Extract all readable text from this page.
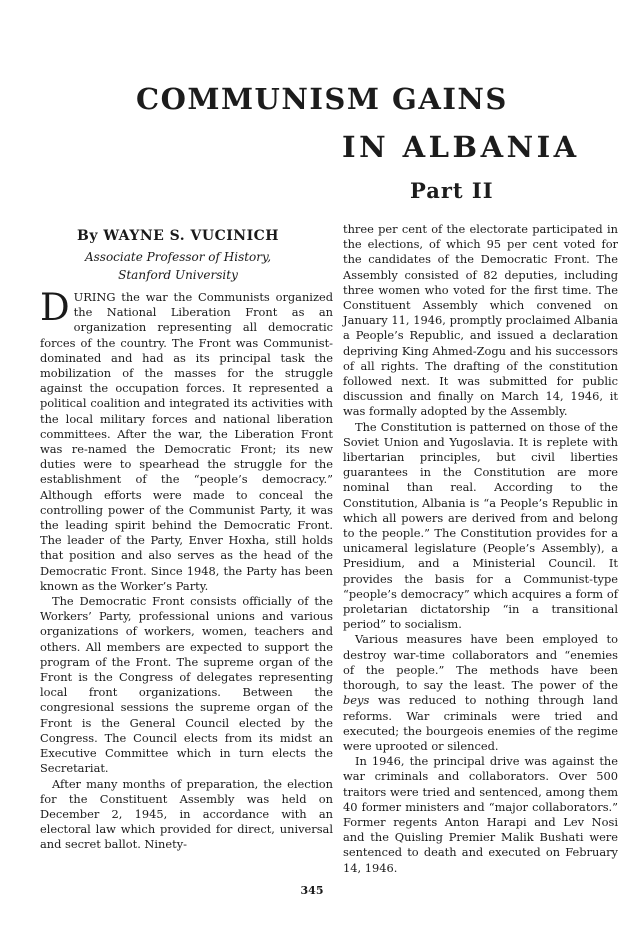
COMMUNISM GAINS
IN ALBANIA
Part II
By WAYNE S. VUCINICH
Associate Professor of History,
Stanford University

DURING the war the Communists organized the National Liberation Front as an organization representing all democratic forces of the country. The Front was Communist-dominated and had as its principal task the mobilization of the masses for the struggle against the occupation forces. It represented a political coalition and integrated its activities with the local military forces and national liberation committees. After the war, the Liberation Front was re-named the Democratic Front; its new duties were to spearhead the struggle for the establishment of the “people’s democracy.” Although efforts were made to conceal the controlling power of the Communist Party, it was the leading spirit behind the Democratic Front. The leader of the Party, Enver Hoxha, still holds that position and also serves as the head of the Democratic Front. Since 1948, the Party has been known as the Worker’s Party.

The Democratic Front consists officially of the Workers’ Party, professional unions and various organizations of workers, women, teachers and others. All members are expected to support the program of the Front. The supreme organ of the Front is the Congress of delegates representing local front organizations. Between the congresional sessions the supreme organ of the Front is the General Council elected by the Congress. The Council elects from its midst an Executive Committee which in turn elects the Secretariat.

After many months of preparation, the election for the Constituent Assembly was held on December 2, 1945, in accordance with an electoral law which provided for direct, universal and secret ballot. Ninety-

three per cent of the electorate participated in the elections, of which 95 per cent voted for the candidates of the Democratic Front. The Assembly consisted of 82 deputies, including three women who voted for the first time. The Constituent Assembly which convened on January 11, 1946, promptly proclaimed Albania a People’s Republic, and issued a declaration depriving King Ahmed-Zogu and his successors of all rights. The drafting of the constitution followed next. It was submitted for public discussion and finally on March 14, 1946, it was formally adopted by the Assembly.

The Constitution is patterned on those of the Soviet Union and Yugoslavia. It is replete with libertarian principles, but civil liberties guarantees in the Constitution are more nominal than real. According to the Constitution, Albania is “a People’s Republic in which all powers are derived from and belong to the people.” The Constitution provides for a unicameral legislature (People’s Assembly), a Presidium, and a Ministerial Council. It provides the basis for a Communist-type “people’s democracy” which acquires a form of proletarian dictatorship “in a transitional period” to socialism.

Various measures have been employed to destroy war-time collaborators and “enemies of the people.” The methods have been thorough, to say the least. The power of the beys was reduced to nothing through land reforms. War criminals were tried and executed; the bourgeois enemies of the regime were uprooted or silenced.

In 1946, the principal drive was against the war criminals and collaborators. Over 500 traitors were tried and sentenced, among them 40 former ministers and “major collaborators.” Former regents Anton Harapi and Lev Nosi and the Quisling Premier Malik Bushati were sentenced to death and executed on February 14, 1946.

345
